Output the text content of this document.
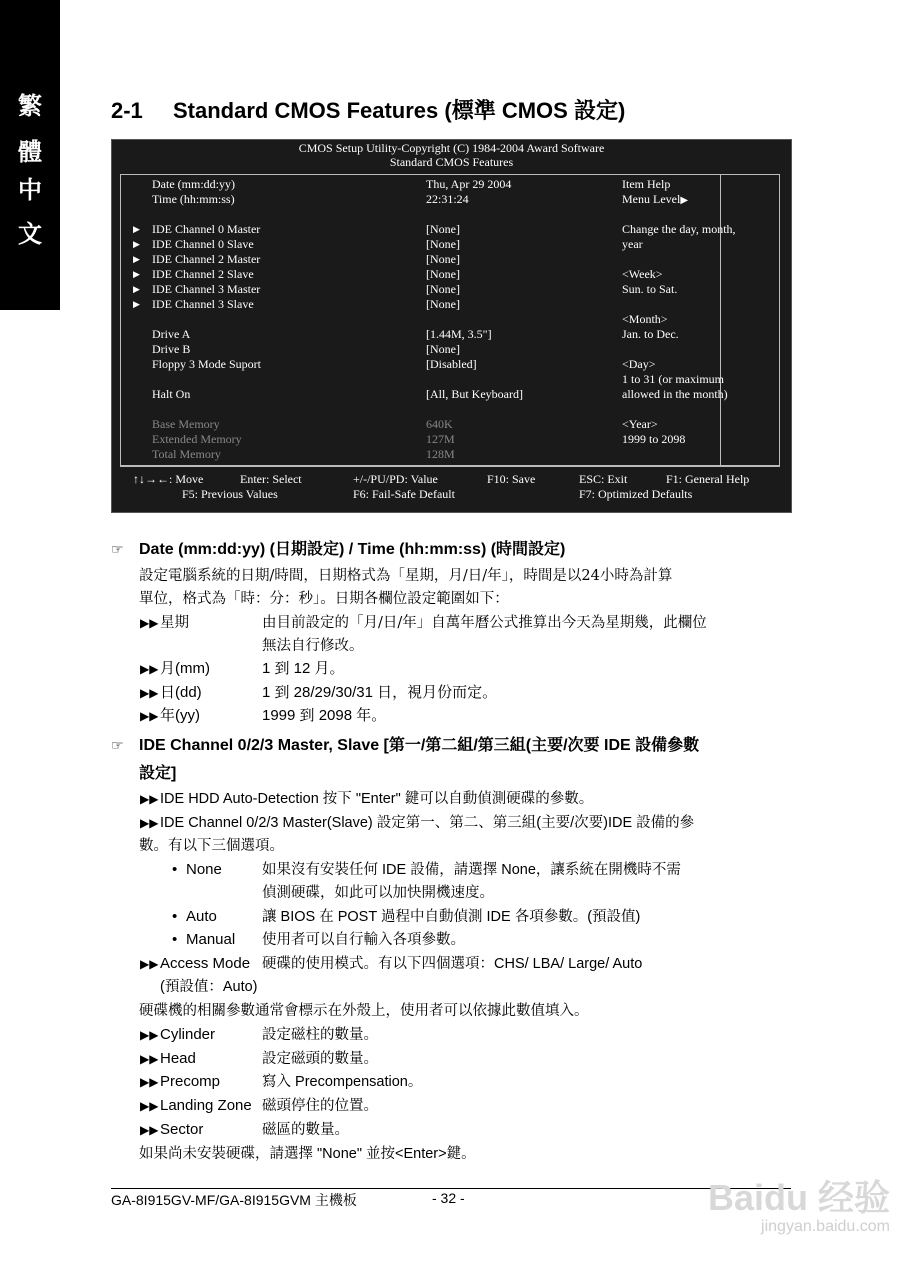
繁
體
中
文
2-1 Standard CMOS Features (標準 CMOS 設定)
CMOS Setup Utility-Copyright (C) 1984-2004 Award Software
Standard CMOS Features
Date (mm:dd:yy)	Thu, Apr 29 2004
Time (hh:mm:ss)	22:31:24
▶ IDE Channel 0 Master	[None]
▶ IDE Channel 0 Slave	[None]
▶ IDE Channel 2 Master	[None]
▶ IDE Channel 2 Slave	[None]
▶ IDE Channel 3 Master	[None]
▶ IDE Channel 3 Slave	[None]
Drive A	[1.44M, 3.5"]
Drive B	[None]
Floppy 3 Mode Suport	[Disabled]
Halt On	[All, But Keyboard]
Base Memory	640K
Extended Memory	127M
Total Memory	128M
Item Help
Menu Level▶
Change the day, month,
year
<Week>
Sun. to Sat.
<Month>
Jan. to Dec.
<Day>
1 to 31 (or maximum
allowed in the month)
<Year>
1999 to 2098
↑↓→←: Move	Enter: Select	+/-/PU/PD: Value	F10: Save	ESC: Exit	F1: General Help
F5: Previous Values	F6: Fail-Safe Default	F7: Optimized Defaults
☞ Date (mm:dd:yy) (日期設定) / Time (hh:mm:ss) (時間設定)
設定電腦系統的日期/時間，日期格式為「星期，月/日/年」，時間是以24小時為計算
單位，格式為「時：分：秒」。日期各欄位設定範圍如下：
▶▶ 星期	由目前設定的「月/日/年」自萬年曆公式推算出今天為星期幾，此欄位
無法自行修改。
▶▶ 月(mm)	1 到 12 月。
▶▶ 日(dd)	1 到 28/29/30/31 日，視月份而定。
▶▶ 年(yy)	1999 到 2098 年。
☞ IDE Channel 0/2/3 Master, Slave [第一/第二組/第三組(主要/次要 IDE 設備參數
設定]
▶▶ IDE HDD Auto-Detection 按下 "Enter" 鍵可以自動偵測硬碟的參數。
▶▶ IDE Channel 0/2/3 Master(Slave) 設定第一、第二、第三組(主要/次要)IDE 設備的參
數。有以下三個選項。
• None	如果沒有安裝任何 IDE 設備，請選擇 None，讓系統在開機時不需
偵測硬碟，如此可以加快開機速度。
• Auto	讓 BIOS 在 POST 過程中自動偵測 IDE 各項參數。(預設值)
• Manual 使用者可以自行輸入各項參數。
▶▶ Access Mode 硬碟的使用模式。有以下四個選項：CHS/ LBA/ Large/ Auto
(預設值：Auto)
硬碟機的相關參數通常會標示在外殼上，使用者可以依據此數值填入。
▶▶ Cylinder	設定磁柱的數量。
▶▶ Head	設定磁頭的數量。
▶▶ Precomp	寫入 Precompensation。
▶▶ Landing Zone 磁頭停住的位置。
▶▶ Sector	磁區的數量。
如果尚未安裝硬碟，請選擇 "None" 並按<Enter>鍵。
GA-8I915GV-MF/GA-8I915GVM 主機板	- 32 -	Baidu 经验
jingyan.baidu.com
